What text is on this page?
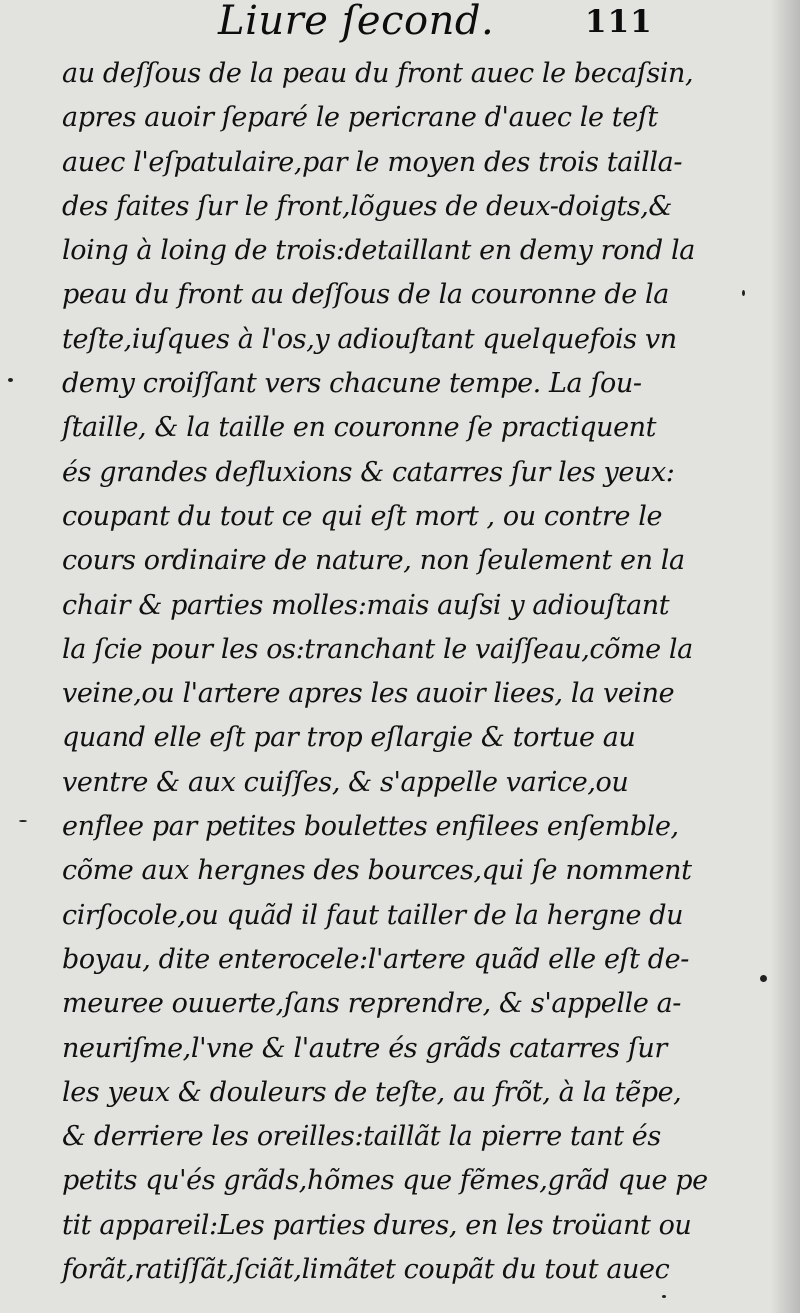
Liure ſecond.	111
au deſſous de la peau du front auec le becaſsin,
apres auoir ſeparé le pericrane d'auec le teſt
auec l'eſpatulaire,par le moyen des trois tailla-
des faites ſur le front,lõgues de deux-doigts,&
loing à loing de trois:detaillant en demy rond la
peau du front au deſſous de la couronne de la
teſte,iuſques à l'os,y adiouſtant quelquefois vn
demy croiſſant vers chacune tempe. La ſou-
ſtaille, & la taille en couronne ſe practiquent
és grandes defluxions & catarres ſur les yeux:
coupant du tout ce qui eſt mort , ou contre le
cours ordinaire de nature, non ſeulement en la
chair & parties molles:mais auſsi y adiouſtant
la ſcie pour les os:tranchant le vaiſſeau,cõme la
veine,ou l'artere apres les auoir liees, la veine
quand elle eſt par trop eſlargie & tortue au
ventre & aux cuiſſes, & s'appelle varice,ou
enflee par petites boulettes enfilees enſemble,
cõme aux hergnes des bources,qui ſe nomment
cirſocole,ou quãd il faut tailler de la hergne du
boyau, dite enterocele:l'artere quãd elle eſt de-
meuree ouuerte,ſans reprendre, & s'appelle a-
neuriſme,l'vne & l'autre és grãds catarres ſur
les yeux & douleurs de teſte, au frõt, à la tẽpe,
& derriere les oreilles:taillãt la pierre tant és
petits qu'és grãds,hõmes que fẽmes,grãd que pe
tit appareil:Les parties dures, en les troüant ou
forãt,ratiſſãt,ſciãt,limãtet coupãt du tout auec
